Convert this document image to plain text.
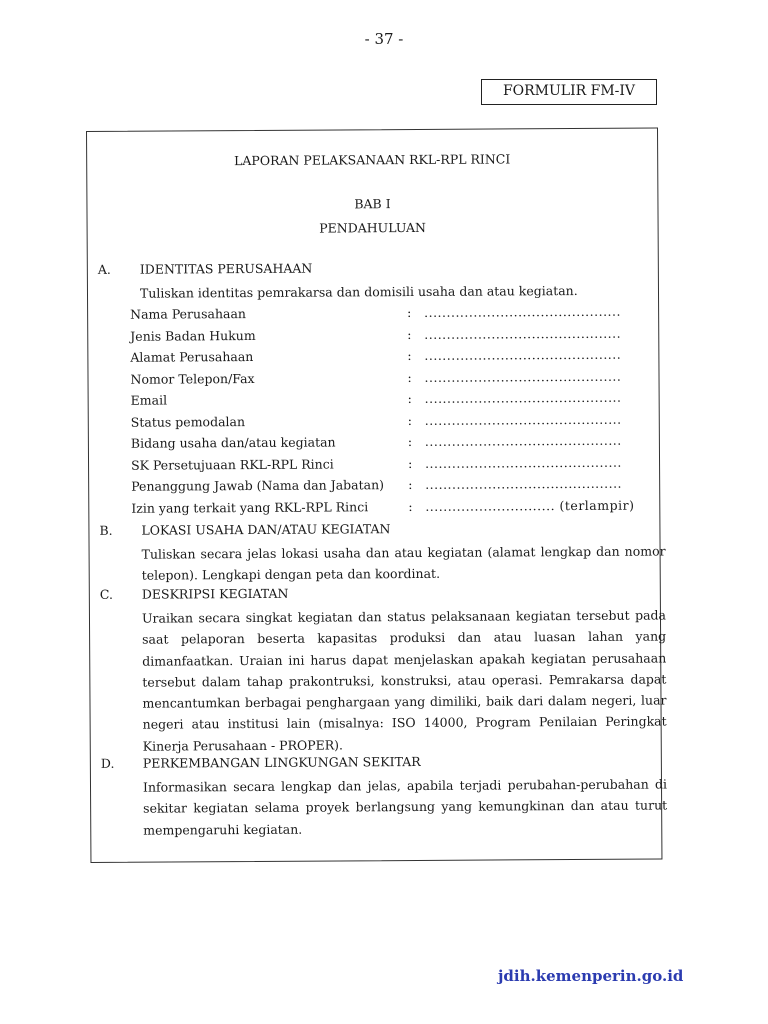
- 37 -
FORMULIR FM-IV
LAPORAN PELAKSANAAN RKL-RPL RINCI
BAB I
PENDAHULUAN
A. IDENTITAS PERUSAHAAN
Tuliskan identitas pemrakarsa dan domisili usaha dan atau kegiatan.
Nama Perusahaan	: ............................................
Jenis Badan Hukum	: ............................................
Alamat Perusahaan	: ............................................
Nomor Telepon/Fax	: ............................................
Email	: ............................................
Status pemodalan	: ............................................
Bidang usaha dan/atau kegiatan	: ............................................
SK Persetujuaan RKL-RPL Rinci	: ............................................
Penanggung Jawab (Nama dan Jabatan) : ............................................
Izin yang terkait yang RKL-RPL Rinci	: ............................. (terlampir)
B. LOKASI USAHA DAN/ATAU KEGIATAN
Tuliskan secara jelas lokasi usaha dan atau kegiatan (alamat lengkap dan nomor telepon). Lengkapi dengan peta dan koordinat.
C. DESKRIPSI KEGIATAN
Uraikan secara singkat kegiatan dan status pelaksanaan kegiatan tersebut pada saat pelaporan beserta kapasitas produksi dan atau luasan lahan yang dimanfaatkan. Uraian ini harus dapat menjelaskan apakah kegiatan perusahaan tersebut dalam tahap prakontruksi, konstruksi, atau operasi. Pemrakarsa dapat mencantumkan berbagai penghargaan yang dimiliki, baik dari dalam negeri, luar negeri atau institusi lain (misalnya: ISO 14000, Program Penilaian Peringkat Kinerja Perusahaan - PROPER).
D. PERKEMBANGAN LINGKUNGAN SEKITAR
Informasikan secara lengkap dan jelas, apabila terjadi perubahan-perubahan di sekitar kegiatan selama proyek berlangsung yang kemungkinan dan atau turut mempengaruhi kegiatan.
jdih.kemenperin.go.id
